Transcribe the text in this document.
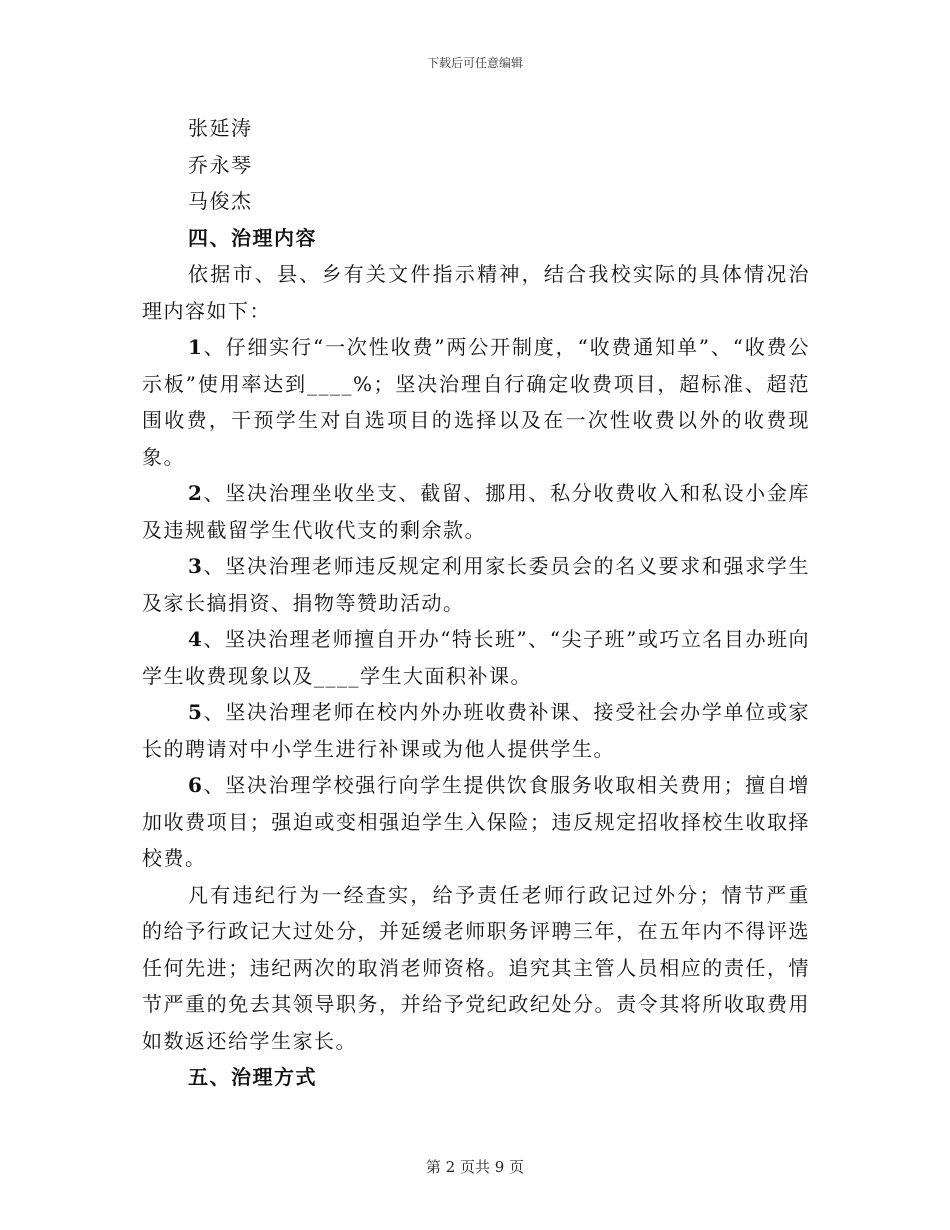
下载后可任意编辑
张延涛
乔永琴
马俊杰

四、治理内容

依据市、县、乡有关文件指示精神，结合我校实际的具体情况治理内容如下：

1、仔细实行“一次性收费”两公开制度，“收费通知单”、“收费公示板”使用率达到____%；坚决治理自行确定收费项目，超标准、超范围收费，干预学生对自选项目的选择以及在一次性收费以外的收费现象。

2、坚决治理坐收坐支、截留、挪用、私分收费收入和私设小金库及违规截留学生代收代支的剩余款。

3、坚决治理老师违反规定利用家长委员会的名义要求和强求学生及家长搞捐资、捐物等赞助活动。

4、坚决治理老师擅自开办“特长班”、“尖子班”或巧立名目办班向学生收费现象以及____学生大面积补课。

5、坚决治理老师在校内外办班收费补课、接受社会办学单位或家长的聘请对中小学生进行补课或为他人提供学生。

6、坚决治理学校强行向学生提供饮食服务收取相关费用；擅自增加收费项目；强迫或变相强迫学生入保险；违反规定招收择校生收取择校费。

凡有违纪行为一经查实，给予责任老师行政记过外分；情节严重的给予行政记大过处分，并延缓老师职务评聘三年，在五年内不得评选任何先进；违纪两次的取消老师资格。追究其主管人员相应的责任，情节严重的免去其领导职务，并给予党纪政纪处分。责令其将所收取费用如数返还给学生家长。

五、治理方式

第 2 页共 9 页
